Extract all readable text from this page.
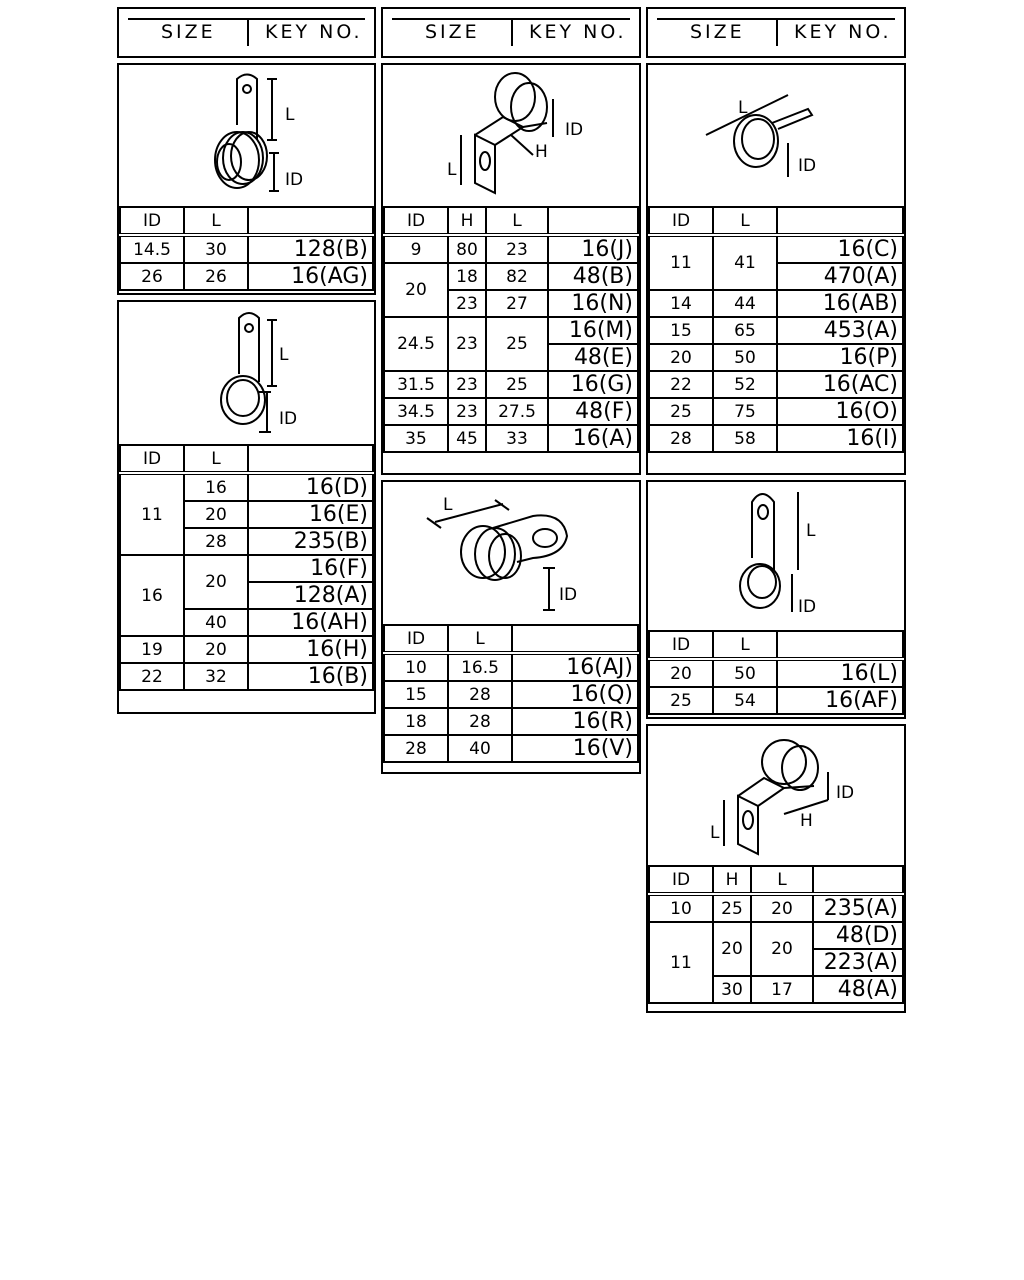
SIZE	KEY NO.	SIZE	KEY NO.	SIZE	KEY NO.
L
ID
ID	L	
14.5	30	128(B)
26	26	16(AG)
L
ID
ID	L	
11	16	16(D)
	20	16(E)
	28	235(B)
16	20	16(F)
		128(A)
	40	16(AH)
19	20	16(H)
22	32	16(B)
L
H
ID
ID	H	L	
9	80	23	16(J)
20	18	82	48(B)
	23	27	16(N)
24.5	23	25	16(M)
			48(E)
31.5	23	25	16(G)
34.5	23	27.5	48(F)
35	45	33	16(A)
L
ID
ID	L	
10	16.5	16(AJ)
15	28	16(Q)
18	28	16(R)
28	40	16(V)
L
ID
ID	L	
11	41	16(C)
		470(A)
14	44	16(AB)
15	65	453(A)
20	50	16(P)
22	52	16(AC)
25	75	16(O)
28	58	16(I)
L
ID
ID	L	
20	50	16(L)
25	54	16(AF)
L
H
ID
ID	H	L	
10	25	20	235(A)
11	20	20	48(D)
			223(A)
	30	17	48(A)
